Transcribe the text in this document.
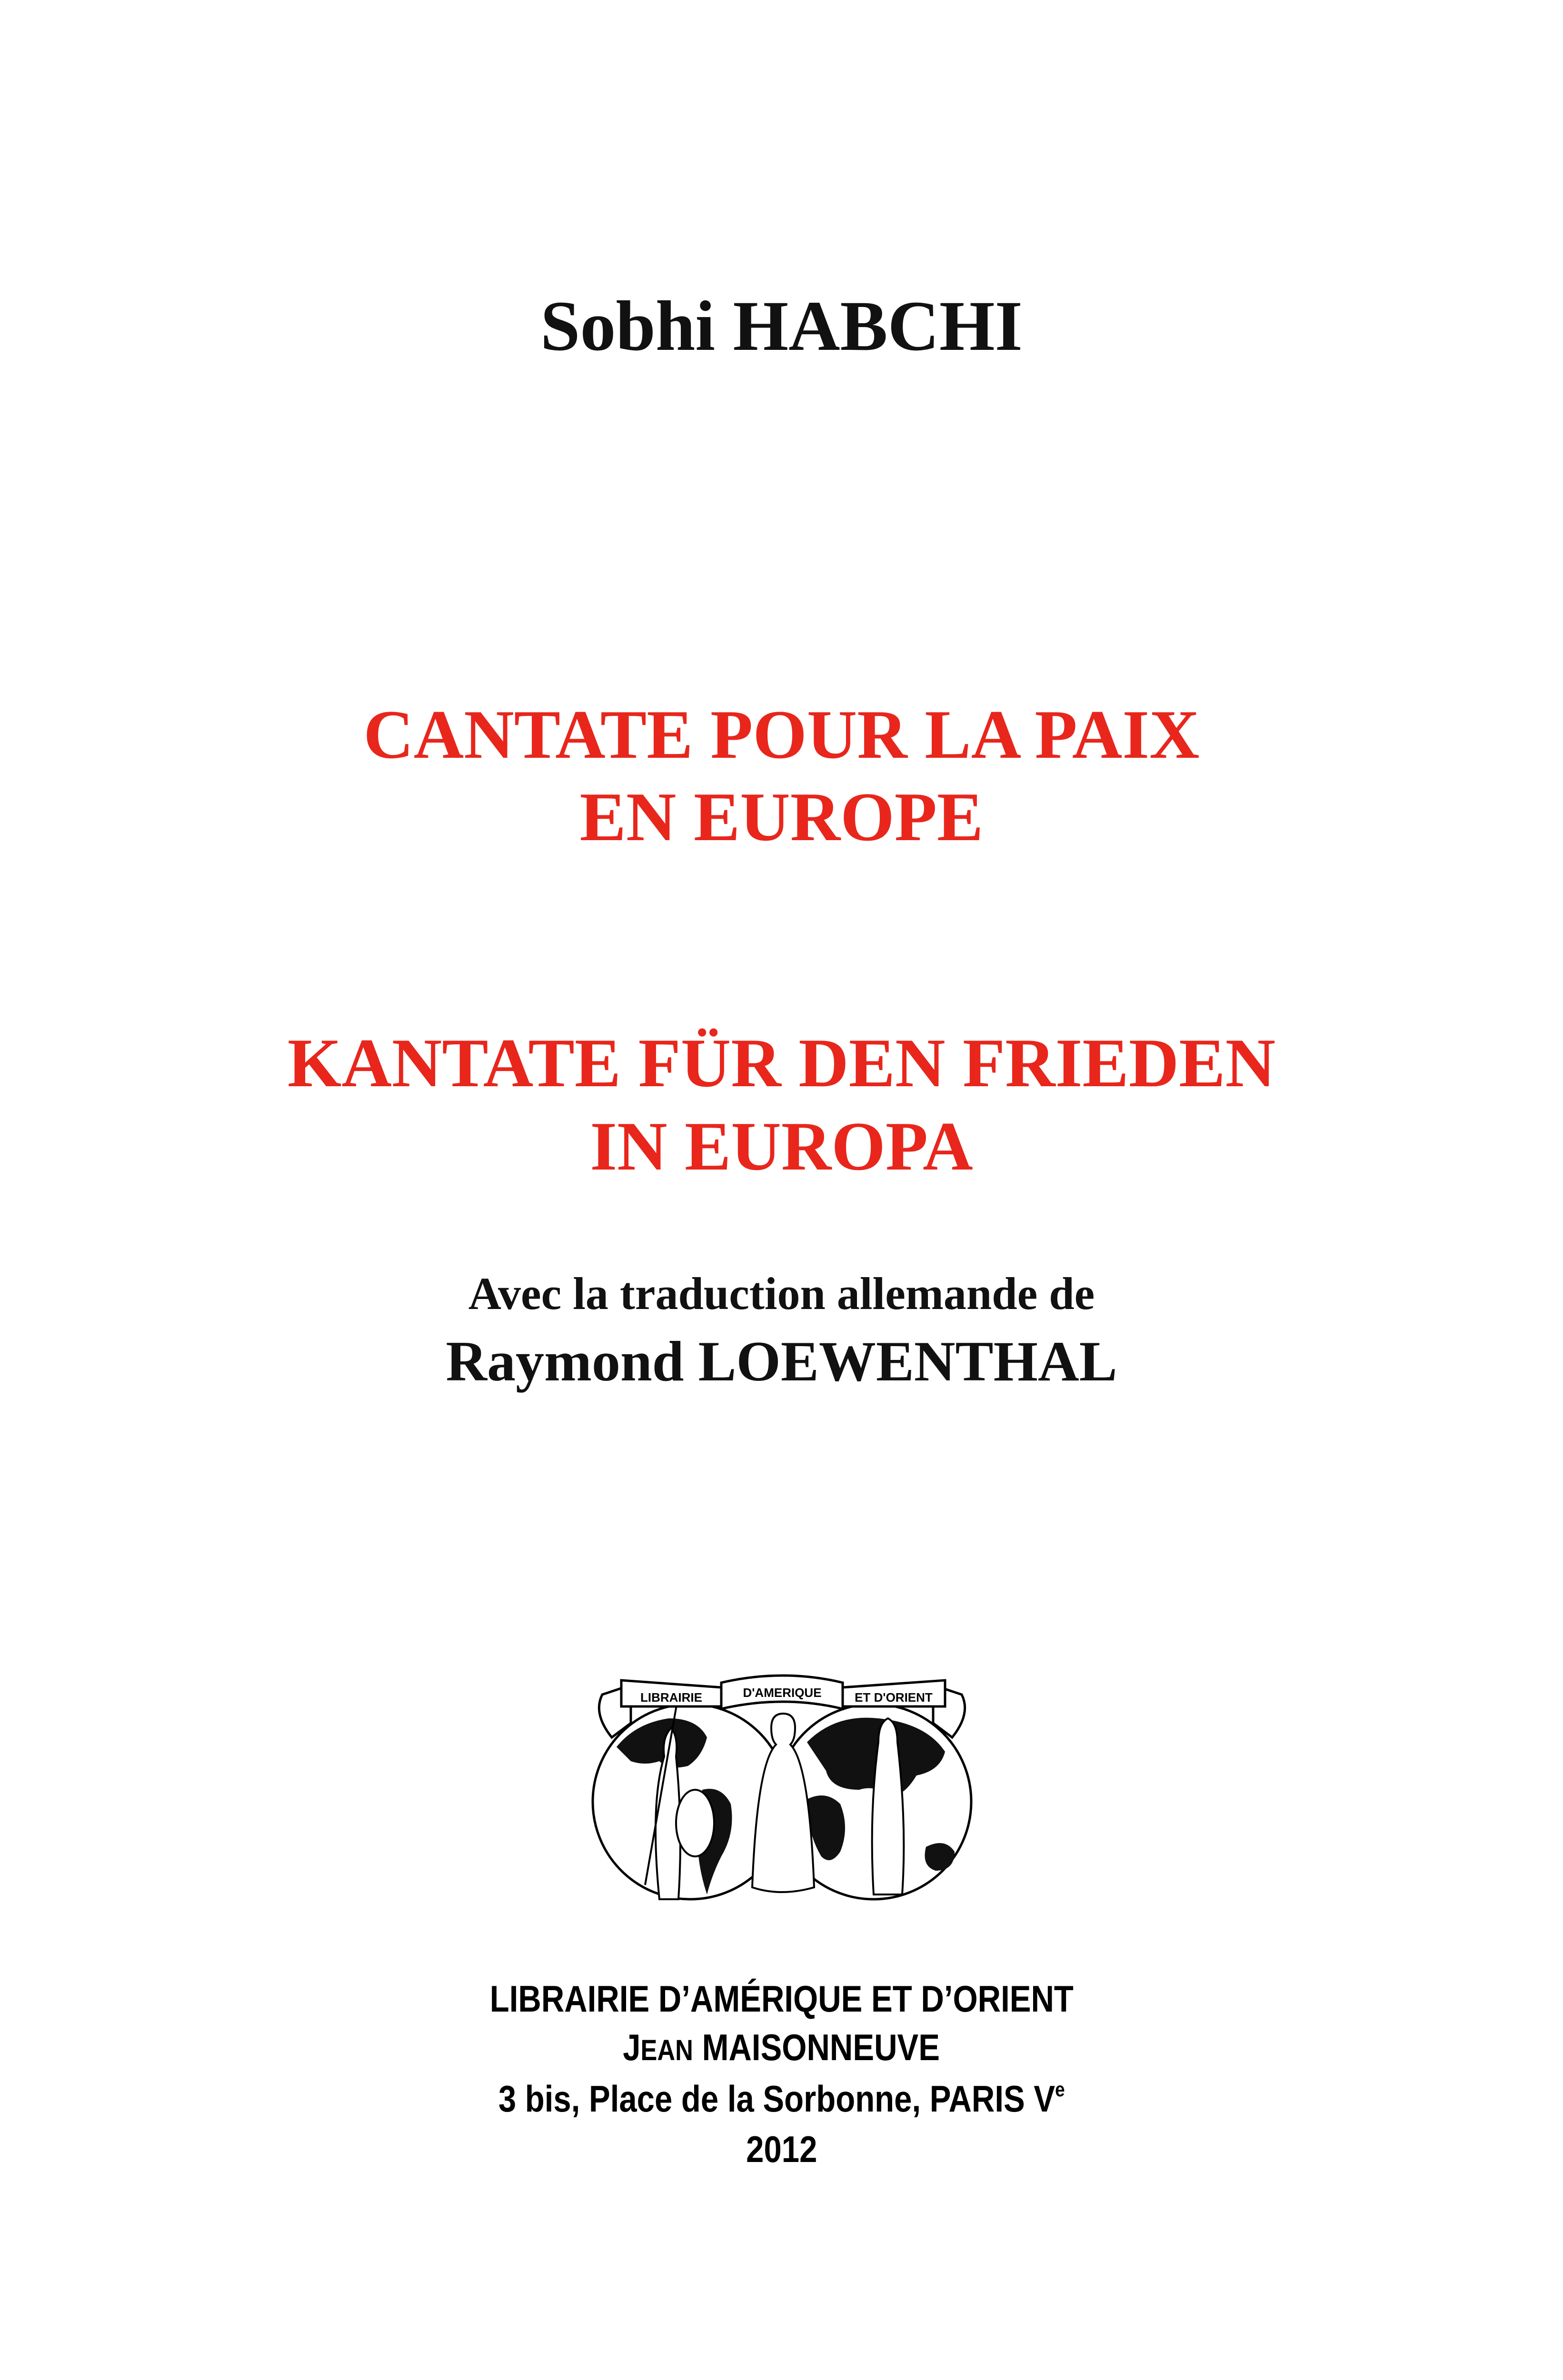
Sobhi HABCHI
CANTATE POUR LA PAIX
EN EUROPE
KANTATE FÜR DEN FRIEDEN
IN EUROPA
Avec la traduction allemande de
Raymond LOEWENTHAL
LIBRAIRIE	D'AMERIQUE	ET D'ORIENT
LIBRAIRIE D’AMÉRIQUE ET D’ORIENT
JEAN MAISONNEUVE
3 bis, Place de la Sorbonne, PARIS Ve
2012
